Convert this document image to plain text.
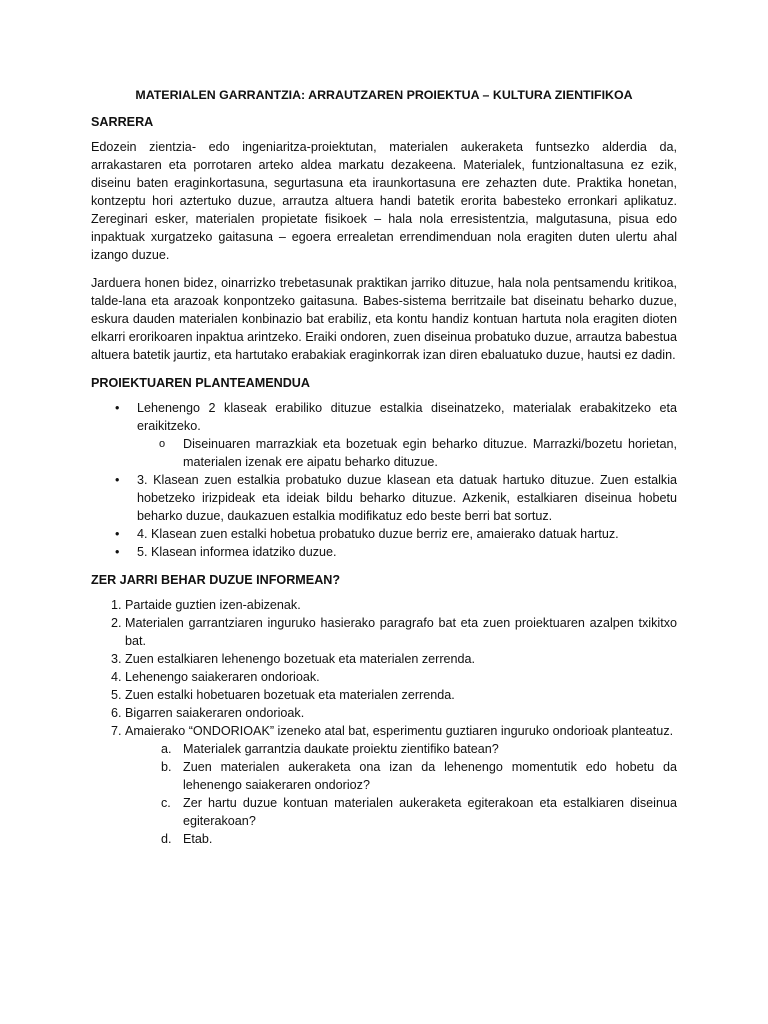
MATERIALEN GARRANTZIA: ARRAUTZAREN PROIEKTUA – KULTURA ZIENTIFIKOA
SARRERA

Edozein zientzia- edo ingeniaritza-proiektutan, materialen aukeraketa funtsezko alderdia da, arrakastaren eta porrotaren arteko aldea markatu dezakeena. Materialek, funtzionaltasuna ez ezik, diseinu baten eraginkortasuna, segurtasuna eta iraunkortasuna ere zehazten dute. Praktika honetan, kontzeptu hori aztertuko duzue, arrautza altuera handi batetik erorita babesteko erronkari aplikatuz. Zereginari esker, materialen propietate fisikoek – hala nola erresistentzia, malgutasuna, pisua edo inpaktuak xurgatzeko gaitasuna – egoera errealetan errendimenduan nola eragiten duten ulertu ahal izango duzue.

Jarduera honen bidez, oinarrizko trebetasunak praktikan jarriko dituzue, hala nola pentsamendu kritikoa, talde-lana eta arazoak konpontzeko gaitasuna. Babes-sistema berritzaile bat diseinatu beharko duzue, eskura dauden materialen konbinazio bat erabiliz, eta kontu handiz kontuan hartuta nola eragiten dioten elkarri erorikoaren inpaktua arintzeko. Eraiki ondoren, zuen diseinua probatuko duzue, arrautza babestua altuera batetik jaurtiz, eta hartutako erabakiak eraginkorrak izan diren ebaluatuko duzue, hautsi ez dadin.

PROIEKTUAREN PLANTEAMENDUA
• Lehenengo 2 klaseak erabiliko dituzue estalkia diseinatzeko, materialak erabakitzeko eta eraikitzeko.
o Diseinuaren marrazkiak eta bozetuak egin beharko dituzue. Marrazki/bozetu horietan, materialen izenak ere aipatu beharko dituzue.
• 3. Klasean zuen estalkia probatuko duzue klasean eta datuak hartuko dituzue. Zuen estalkia hobetzeko irizpideak eta ideiak bildu beharko dituzue. Azkenik, estalkiaren diseinua hobetu beharko duzue, daukazuen estalkia modifikatuz edo beste berri bat sortuz.
• 4. Klasean zuen estalki hobetua probatuko duzue berriz ere, amaierako datuak hartuz.
• 5. Klasean informea idatziko duzue.
ZER JARRI BEHAR DUZUE INFORMEAN?
1. Partaide guztien izen-abizenak.
2. Materialen garrantziaren inguruko hasierako paragrafo bat eta zuen proiektuaren azalpen txikitxo bat.
3. Zuen estalkiaren lehenengo bozetuak eta materialen zerrenda.
4. Lehenengo saiakeraren ondorioak.
5. Zuen estalki hobetuaren bozetuak eta materialen zerrenda.
6. Bigarren saiakeraren ondorioak.
7. Amaierako “ONDORIOAK” izeneko atal bat, esperimentu guztiaren inguruko ondorioak planteatuz.
a. Materialek garrantzia daukate proiektu zientifiko batean?
b. Zuen materialen aukeraketa ona izan da lehenengo momentutik edo hobetu da lehenengo saiakeraren ondorioz?
c. Zer hartu duzue kontuan materialen aukeraketa egiterakoan eta estalkiaren diseinua egiterakoan?
d. Etab.
